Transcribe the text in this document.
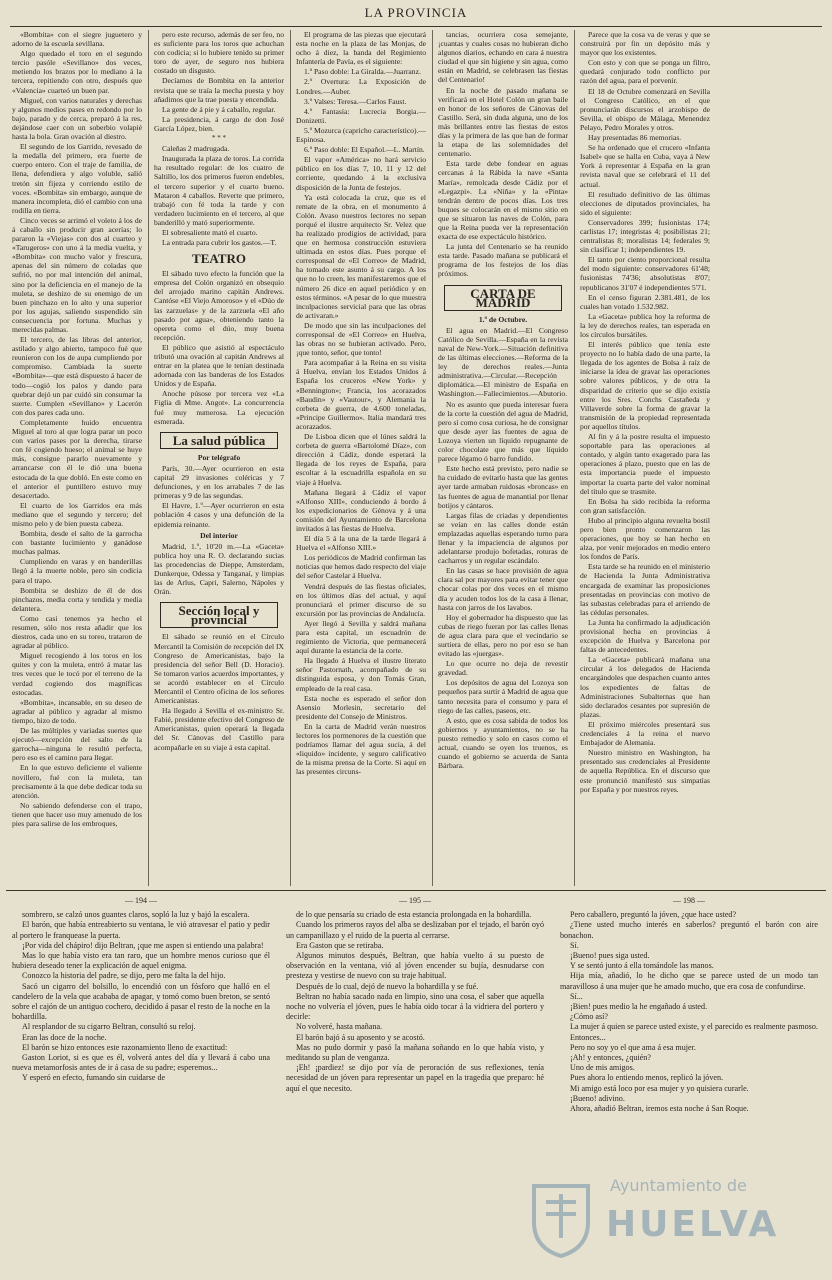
LA PROVINCIA

«Bombita» con el siegre juguetero y adorno de la escuela sevillana.

Algo quedado el toro en el segundo tercio pasóle «Sevillano» dos veces, metiendo los brazos por lo mediano á la tercera, repitiendo con otro, después que «Valencia» cuarteó un buen par.

Miguel, con varios naturales y derechas y algunos medios pases en redondo por lo bajo, parado y de cerca, preparó á la res, dejándose caer con un soberbio volapié hasta la bola. Gran ovación al diestro.

El segundo de los Garrido, revesado de la medalla del primero, era fuerte de cuerpo entero. Con el traje de familia, de llena, defendiera y algo voluble, salió tretón sin fijeza y corriendo estilo de voces. «Bombita» sin embargo, aunque de manera incompleta, dió el cambio con una rodilla en tierra.

Cinco veces se arrimó el voleto á los de á caballo sin producir gran acerías; lo pararon la «Viejas» con dos al cuarteo y «Tarugeros» con uno á la media vuelta, y «Bombita» con mucho valor y frescura, apenas del sin número de coladas que sufrió, no por mal intención del animal, sino por la deficiencia en el manejo de la muleta, se deshizo de su enemigo de un buen pinchazo en lo alto y una superior por los agujas, saliendo suspendido sin consecuencia por fortuna. Muchas y merecidas palmas.

El tercero, de las libras del anterior, astilado y algo abierto, tampoco fué que reunieron con los de aupa cumpliendo por compromiso. Cambiada la suerte «Bombita»—que está dispuesto á hacer de todo—cogió los palos y dando para quebrar dejó un par cuidó sin consumar la suerte. Cumplen «Sevillano» y Lacerón con dos pares cada uno.

Completamente huido encuentra Miguel al toro al que logra parar un poco con varios pases por la derecha, tirarse con fé cogiendo hueso; el animal se huye más, consigue pararlo nuevamente y arrancarse con él le dió una buena estocada de la que dobló. En este como en el anterior el puntillero estuvo muy desacertado.

El cuarto de los Garridos era más mediano que el segundo y tercero; del mismo pelo y de bien puesta cabeza.

Bombita, desde el salto de la garrocha con bastante lucimiento y ganádose muchas palmas.

Cumpliendo en varas y en banderillas llegó á la muerte noble, pero sin codicia para el trapo.

Bombita se deshizo de él de dos pinchazos, media corta y tendida y media delantera.

Como casi tenemos ya hecho el resumen, sólo nos resta añadir que los diestros, cada uno en su toreo, trataron de agradar al público.

Miguel recogiendo á los toros en los quites y con la muleta, entró á matar las tres veces que le tocó por el terreno de la verdad cogiendo dos magníficas estocadas.

«Bombita», incansable, en su deseo de agradar al público y agradar al mismo tiempo, hizo de todo.

De las múltiples y variadas suertes que ejecutó—excepción del salto de la garrocha—ninguna le resultó perfecta, pero eso es el camino para llegar.

En lo que estuvo deficiente el valiente novillero, fué con la muleta, tan precisamente á la que debe dedicar toda su atención.

No sabiendo defenderse con el trapo, tienen que hacer uso muy amenudo de los pies para salirse de los embroques,

pero este recurso, además de ser feo, no es suficiente para los toros que achuchan con codicia; si lo hubiere tenido su primer toro de ayer, de seguro nos hubiera costado un disgusto.

Decíamos de Bombita en la anterior revista que se traía la mecha puesta y hoy añadimos que la trae puesta y encendida.

La gente de á pie y á caballo, regular.

La presidencia, á cargo de don José García López, bien.

* * *

Caleñas 2 madrugada.

Inaugurada la plaza de toros. La corrida ha resultado regular: de los cuatro de Saltillo, los dos primeros fueron endebles, el tercero superior y el cuarto bueno. Mataron 4 caballos. Reverte que primero, trabajó con fé toda la tarde y con verdadero lucimiento en el tercero, al que banderilló y mató superiormente.

El sobresaliente mató el cuarto.

La entrada para cubrir los gastos.—T.

TEATRO

El sábado tuvo efecto la función que la empresa del Colón organizó en obsequio del arrojado marino capitán Andrews. Cantóse «El Viejo Amoroso» y el «Dúo de las zarzuelas» y de la zarzuela «El año pasado por agua», obteniendo tanto la opereta como el dúo, muy buena recepción.

El público que asistió al espectáculo tributó una ovación al capitán Andrews al entrar en la platea que le tenían destinada adornada con las banderas de los Estados Unidos y de España.

Anoche púsose por tercera vez «La Figlia di Mme. Angot». La concurrencia fué muy numerosa. La ejecución esmerada.

La salud pública
Por telégrafo

París, 30.—Ayer ocurrieron en esta capital 29 invasiones coléricas y 7 defunciones, y en los arrabales 7 de las primeras y 9 de las segundas.

El Havre, 1.º—Ayer ocurrieron en esta población 4 casos y una defunción de la epidemia reinante.

Del interior

Madrid, 1.º, 10'20 m.—La «Gaceta» publica hoy una R. O. declarando sucias las procedencias de Dieppe, Amsterdam, Dunkerque, Odessa y Tanganaí, y limpias las de Arlus, Capri, Salerno, Nápoles y Orán.

Sección local y provincial

El sábado se reunió en el Círculo Mercantil la Comisión de recepción del IX Congreso de Americanistas, bajo la presidencia del señor Bell (D. Horacio). Se tomaron varios acuerdos importantes, y se acordó establecer en el Círculo Mercantil el Centro oficina de los señores Americanistas.

Ha llegado á Sevilla el ex-ministro Sr. Fabié, presidente efectivo del Congreso de Americanistas, quien operará la llegada del Sr. Cánovas del Castillo para acompañarle en su viaje á esta capital.

El programa de las piezas que ejecutará esta noche en la plaza de las Monjas, de ocho á diez, la banda del Regimiento Infantería de Pavía, es el siguiente:

1.º Paso doble: La Giralda.—Juarranz.

2.º Overtura: La Exposición de Londres.—Auber.

3.º Valses: Teresa.—Carlos Faust.

4.º Fantasía: Lucrecia Borgia.—Donizetti.

5.º Mozurca (capricho característico).—Espinosa.

6.º Paso doble: El Español.—L. Martín.

El vapor «América» no hará servicio público en los días 7, 10, 11 y 12 del corriente, quedando á la exclusiva disposición de la Junta de festejos.

Ya está colocada la cruz, que es el remate de la obra, en el monumento á Colón. Avaso nuestros lectores no sepan porqué el ilustre arquitecto Sr. Velez que ha realizado prodigios de actividad, para que en hermosa construcción estuviera ultimada en estos días. Pues porque el corresponsal de «El Correo» de Madrid, ha tomado este asunto á su cargo. A los que no lo creen, les manifestaremos que el número 26 dice en aquel periódico y en estos términos. «A pesar de lo que muestra inculpaciones servicial para que las obras de activaran.»

De modo que sin las inculpaciones del corresponsal de «El Correo» en Huelva, las obras no se hubieran activado. Pero, ¡que tonto, señor, que tonto!

Para acompañar á la Reina en su visita á Huelva, envían los Estados Unidos á España los cruceros «New York» y «Bennington»; Francia, los acorazados «Baudin» y «Vautour», y Alemania la corbeta de guerra, de 4.600 toneladas, «Principe Guillermo». Italia mandará tres acorazados.

De Lisboa dicen que el lúnes saldrá la corbeta de guerra «Bartolomé Díaz», con dirección á Cádiz, donde esperará la llegada de los reyes de España, para escoltar á la escuadrilla española en su viaje á Huelva.

Mañana llegará á Cádiz el vapor «Alfonso XIII», conduciendo á bordo á los expedicionarios de Génova y á una comisión del Ayuntamiento de Barcelona invitados á las fiestas de Huelva.

El día 5 á la una de la tarde llegará á Huelva el «Alfonso XIII.»

Los periódicos de Madrid confirman las noticias que hemos dado respecto del viaje del señor Castelar á Huelva.

Vendrá después de las fiestas oficiales, en los últimos días del actual, y aquí pronunciará el primer discurso de su excursión por las provincias de Andalucía.

Ayer llegó á Sevilla y saldrá mañana para esta capital, un escuadrón de regimiento de Victoria, que permanecerá aquí durante la estancia de la corte.

Ha llegado á Huelva el ilustre literato señor Pastornath, acompañado de su distinguida esposa, y don Tomás Gran, empleado de la real casa.

Esta noche es esperado el señor don Asensio Morlesin, secretario del presidente del Consejo de Ministros.

En la carta de Madrid verán nuestros lectores los pormenores de la cuestión que podríamos llamar del agua sucia, á del «liquido» incidente, y seguro calificativo de la misma prensa de la Corte. Si aquí en las presentes circuns-

tancias, ocurriera cosa semejante, ¡cuantas y cuales cosas no hubieran dicho algunos diarios, echando en cara á nuestra ciudad el que sin higiene y sin agua, como están en Madrid, se celebrasen las fiestas del Centenario!

En la noche de pasado mañana se verificará en el Hotel Colón un gran baile en honor de los señores de Cánovas del Castillo. Será, sin duda alguna, uno de los más brillantes entre las fiestas de estos días y la primera de las que han de formar la etapa de las solemnidades del centenario.

Esta tarde debe fondear en aguas cercanas á la Rábida la nave «Santa María», remolcada desde Cádiz por el «Legazpi». La «Niña» y la «Pinta» tendrán dentro de pocos días. Los tres buques se colocarán en el mismo sitio en que se situaron las naves de Colón, para que la Reina pueda ver la representación exacta de ese expectáculo histórico.

La junta del Centenario se ha reunido esta tarde. Pasado mañana se publicará el programa de los festejos de los días próximos.

CARTA DE MADRID
1.º de Octubre.

El agua en Madrid.—El Congreso Católico de Sevilla.—España en la revista naval de New-York.—Situación definitiva de las últimas elecciones.—Reforma de la ley de derechos reales.—Junta administrativa.—Circular.—Recepción diplomática.—El ministro de España en Washington.—Fallecimientos.—Abutorio.

No es asunto que pueda interesar fuera de la corte la cuestión del agua de Madrid, pero sí como cosa curiosa, he de consignar que desde ayer las fuentes de agua de Lozoya vierten un líquido repugnante de color chocolate que más que líquido parece légamo ó barro fundido.

Este hecho está previsto, pero nadie se ha cuidado de evitarlo hasta que las gentes ayer tarde armaban ruidosas «broncas» en las fuentes de agua de manantial por llenar botijos y cántaros.

Largas filas de criadas y dependientes se veían en las calles donde están emplazadas aquellas esperando turno para llenar y la impaciencia de algunos por adelantarse produjo bofetadas, roturas de cacharros y un regular escándalo.

En las casas se hace provisión de agua clara sal por mayores para evitar tener que chocar colas por dos veces en el mismo día y acuden todos los de la casa á llenar, hasta con jarros de los lavabos.

Hoy el gobernador ha dispuesto que las cubas de riego fueran por las calles llenas de agua clara para que el vecindario se surtiera de ellas, pero no por eso se han evitado las «juergas».

Lo que ocurre no deja de revestir gravedad.

Los depósitos de agua del Lozoya son pequeños para surtir á Madrid de agua que tanto necesita para el consumo y para el riego de las calles, paseos, etc.

A esto, que es cosa sabida de todos los gobiernos y ayuntamientos, no se ha puesto remedio y solo en casos como el actual, cuando se oyen los truenos, es cuando el gobierno se acuerda de Santa Bárbara.

Parece que la cosa va de veras y que se construirá por fin un depósito más y mayor que los existentes.

Con esto y con que se ponga un filtro, quedará conjurado todo conflicto por razón del agua, para el porvenir.

El 18 de Octubre comenzará en Sevilla el Congreso Católico, en el que pronunciarán discursos el arzobispo de Sevilla, el obispo de Málaga, Menendez Pelayo, Pedro Morales y otros.

Hay presentadas 86 memorias.

Se ha ordenado que el crucero «Infanta Isabel» que se halla en Cuba, vaya á New York á representar á España en la gran revista naval que se celebrará el 11 del actual.

El resultado definitivo de las últimas elecciones de diputados provinciales, ha sido el siguiente:

Conservadores 399; fusionistas 174; carlistas 17; integristas 4; posibilistas 21; centralistas 8; moralistas 14; federales 9; sin clasificar 1; independientes 19.

El tanto por ciento proporcional resulta del modo siguiente: conservadores 61'48; fusionistas 74'36; absolutistas 8'07; republicanos 31'07 é independientes 5'71.

En el censo figuran 2.381.481, de los cuales han votado 1.532.982.

La «Gaceta» publica hoy la reforma de la ley de derechos reales, tan esperada en los círculos bursátiles.

El interés público que tenía este proyecto no lo había dado de una parte, la llegada de los agentes de Bolsa á raíz de iniciarse la idea de gravar las operaciones sobre valores públicos, y de otra la disparidad de criterio que se dijo existía entre los Sres. Conchs Castañeda y Villaverde sobre la forma de gravar la transmisión de la propiedad representada por aquellos títulos.

Al fin y á la postre resulta el impuesto soportable para las operaciones al contado, y algún tanto exagerado para las operaciones á plazo, puesto que en las de esta importancia puede el impuesto importar la cuarta parte del valor nominal del título que se trasmite.

En Bolsa ha sido recibida la reforma con gran satisfacción.

Hubo al principio alguna revuelta bostil pero bien pronto comenzaron las operaciones, que hoy se han hecho en alza, por venir mejorados en medio entero los fondos de París.

Esta tarde se ha reunido en el ministerio de Hacienda la Junta Administrativa encargada de examinar las proposiciones presentadas en provincias con motivo de las subastas celebradas para el arriendo de las cédulas personales.

La Junta ha confirmado la adjudicación provisional hecha en provincias á excepción de Huelva y Barcelona por faltas de antecedentes.

La «Gaceta» publicará mañana una circular á los delegados de Hacienda encargándoles que despachen cuanto antes los expedientes de faltas de Administraciones Subalternas que han sido declarados cesantes por supresión de plazas.

El próximo miércoles presentará sus credenciales á la reina el nuevo Embajador de Alemania.

Nuestro ministro en Washington, ha presentado sus credenciales al Presidente de aquella República. En el discurso que este pronunció manifestó sus simpatías por España y por nuestros reyes.

— 194 —

sombrero, se calzó unos guantes claros, sopló la luz y bajó la escalera.

El barón, que había entreabierto su ventana, le vió atravesar el patio y pedir al portero le franquease la puerta.

¡Por vida del chápiro! dijo Beltran, ¡que me aspen si entiendo una palabra!

Mas lo que había visto era tan raro, que un hombre menos curioso que él hubiera deseado tener la explicación de aquel enigma.

Conozco la historia del padre, se dijo, pero me falta la del hijo.

Sacó un cigarro del bolsillo, lo encendió con un fósforo que halló en el candelero de la vela que acababa de apagar, y tomó como buen breton, se sentó sobre el cajón de un antiguo cochero, decidido á pasar el resto de la noche en la bohardilla.

Al resplandor de su cigarro Beltran, consultó su reloj.

Eran las doce de la noche.

El barón se hizo entonces este razonamiento lleno de exactitud:

Gaston Loriot, si es que es él, volverá antes del día y llevará á cabo una nueva metamorfosis antes de ir á casa de su padre; esperemos...

Y esperó en efecto, fumando sin cuidarse de

— 195 —

de lo que pensaría su criado de esta estancia prolongada en la bohardilla.

Cuando los primeros rayos del alba se deslizaban por el tejado, el barón oyó un campanillazo y el ruido de la puerta al cerrarse.

Era Gaston que se retiraba.

Algunos minutos después, Beltran, que había vuelto á su puesto de observación en la ventana, vió al jóven encender su bujía, desnudarse con presteza y vestirse de nuevo con su traje habitual.

Después de lo cual, dejó de nuevo la bohardilla y se fué.

Beltran no había sacado nada en limpio, sino una cosa, el saber que aquella noche no volvería el jóven, pues le había oido tocar á la vidriera del portero y decirle:

No volveré, hasta mañana.

El barón bajó á su aposento y se acostó.

Mas no pudo dormir y pasó la mañana soñando en lo que había visto, y meditando su plan de venganza.

¡Eh! ¡pardiez! se dijo por vía de peroración de sus reflexiones, tenía necesidad de un jóven para representar un papel en la tragedia que preparo: hé aquí el que necesito.

— 198 —

Pero caballero, preguntó la jóven, ¿que hace usted?

¿Tiene usted mucho interés en saberlos? preguntó el barón con aire bonachon.

Sí.

¡Bueno! pues siga usted.

Y se sentó junto á ella tomándole las manos.

Hija mía, añadió, lo he dicho que se parece usted de un modo tan maravilloso á una mujer que he amado mucho, que era cosa de confundirse.

Sí...

¡Bien! pues medio la he engañado á usted.

¿Cómo así?

La mujer á quien se parece usted existe, y el parecido es realmente pasmoso.

Entonces...

Pero no soy yo el que ama á esa mujer.

¡Ah! y entonces, ¿quién?

Uno de mis amigos.

Pues ahora lo entiendo menos, replicó la jóven.

Mi amigo está loco por esa mujer y yo quisiera curarle.

¡Bueno! adivino.

Ahora, añadió Beltran, iremos esta noche á San Roque.

Ayuntamiento de
HUELVA
